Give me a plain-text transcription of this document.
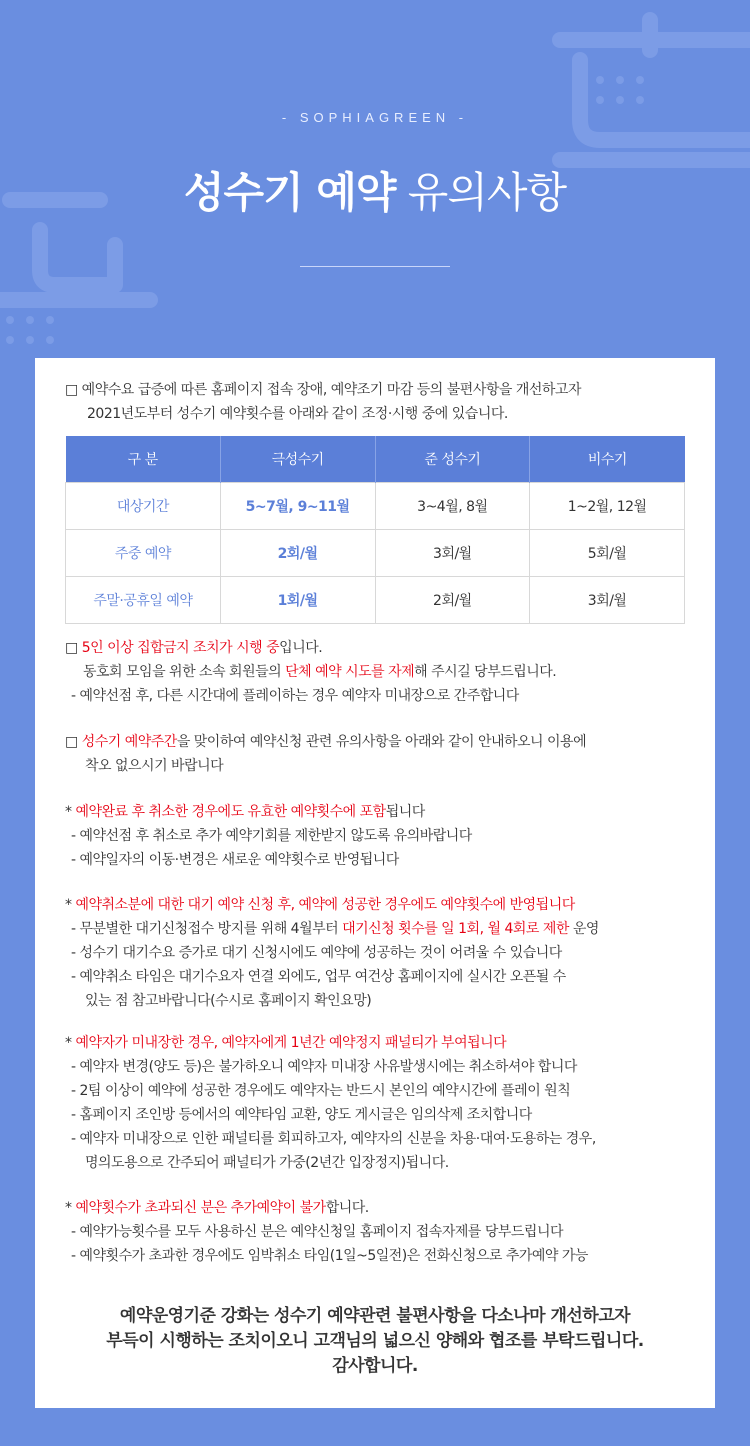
- SOPHIAGREEN -
성수기 예약 유의사항
□ 예약수요 급증에 따른 홈페이지 접속 장애, 예약조기 마감 등의 불편사항을 개선하고자
2021년도부터 성수기 예약횟수를 아래와 같이 조정·시행 중에 있습니다.
구 분	극성수기	준 성수기	비수기
대상기간	5~7월, 9~11월	3~4월, 8월	1~2월, 12월
주중 예약	2회/월	3회/월	5회/월
주말·공휴일 예약	1회/월	2회/월	3회/월
□ 5인 이상 집합금지 조치가 시행 중입니다.
동호회 모임을 위한 소속 회원들의 단체 예약 시도를 자제해 주시길 당부드립니다.
- 예약선점 후, 다른 시간대에 플레이하는 경우 예약자 미내장으로 간주합니다
□ 성수기 예약주간을 맞이하여 예약신청 관련 유의사항을 아래와 같이 안내하오니 이용에
착오 없으시기 바랍니다
* 예약완료 후 취소한 경우에도 유효한 예약횟수에 포함됩니다
- 예약선점 후 취소로 추가 예약기회를 제한받지 않도록 유의바랍니다
- 예약일자의 이동·변경은 새로운 예약횟수로 반영됩니다
* 예약취소분에 대한 대기 예약 신청 후, 예약에 성공한 경우에도 예약횟수에 반영됩니다
- 무분별한 대기신청접수 방지를 위해 4월부터 대기신청 횟수를 일 1회, 월 4회로 제한 운영
- 성수기 대기수요 증가로 대기 신청시에도 예약에 성공하는 것이 어려울 수 있습니다
- 예약취소 타임은 대기수요자 연결 외에도, 업무 여건상 홈페이지에 실시간 오픈될 수
있는 점 참고바랍니다(수시로 홈페이지 확인요망)
* 예약자가 미내장한 경우, 예약자에게 1년간 예약정지 패널티가 부여됩니다
- 예약자 변경(양도 등)은 불가하오니 예약자 미내장 사유발생시에는 취소하셔야 합니다
- 2팀 이상이 예약에 성공한 경우에도 예약자는 반드시 본인의 예약시간에 플레이 원칙
- 홈페이지 조인방 등에서의 예약타임 교환, 양도 게시글은 임의삭제 조치합니다
- 예약자 미내장으로 인한 패널티를 회피하고자, 예약자의 신분을 차용·대여·도용하는 경우,
명의도용으로 간주되어 패널티가 가중(2년간 입장정지)됩니다.
* 예약횟수가 초과되신 분은 추가예약이 불가합니다.
- 예약가능횟수를 모두 사용하신 분은 예약신청일 홈페이지 접속자제를 당부드립니다
- 예약횟수가 초과한 경우에도 임박취소 타임(1일~5일전)은 전화신청으로 추가예약 가능
예약운영기준 강화는 성수기 예약관련 불편사항을 다소나마 개선하고자
부득이 시행하는 조치이오니 고객님의 넓으신 양해와 협조를 부탁드립니다.
감사합니다.
